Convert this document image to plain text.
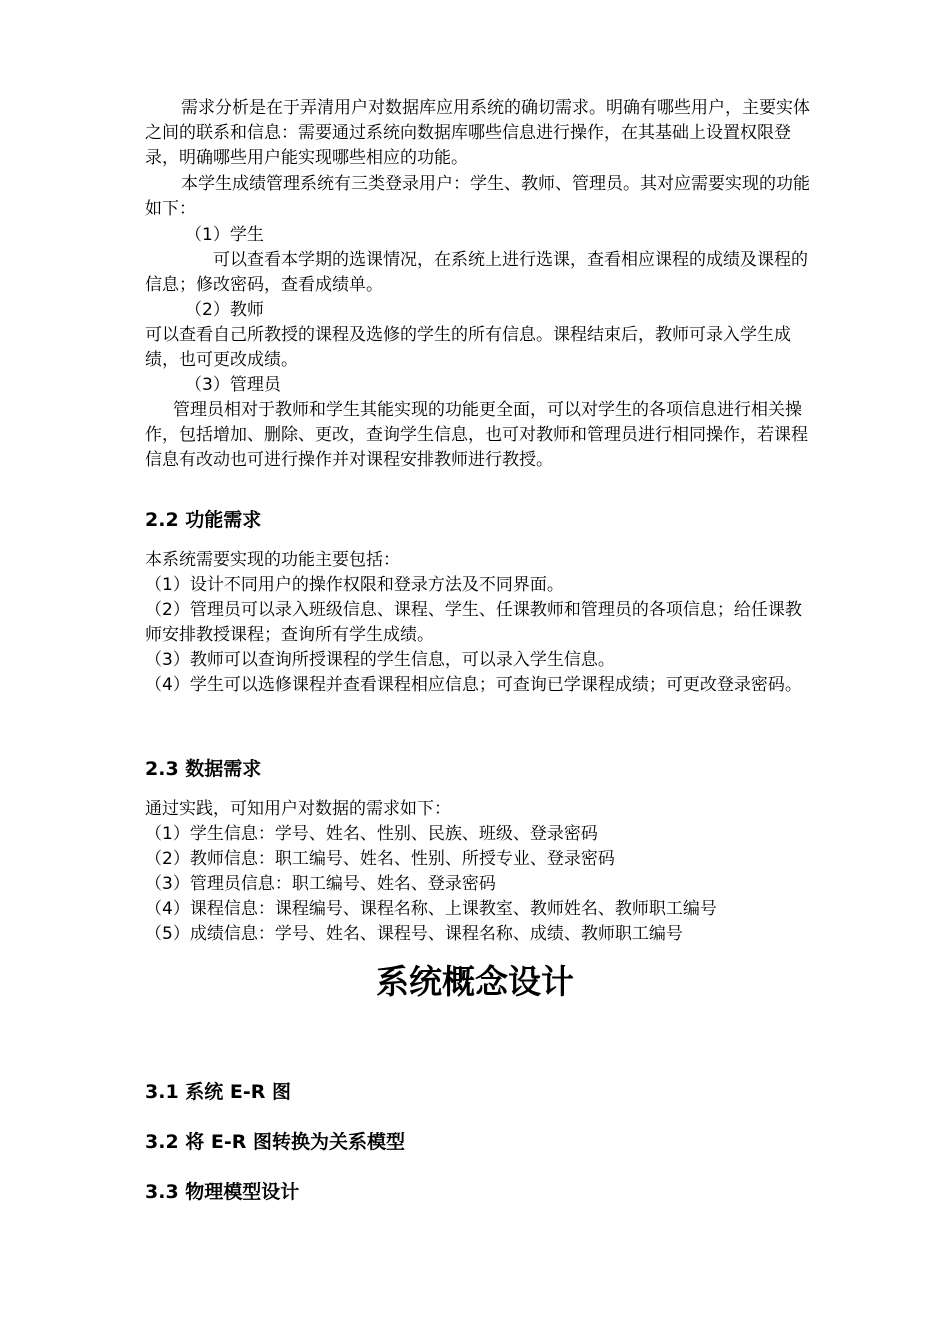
需求分析是在于弄清用户对数据库应用系统的确切需求。明确有哪些用户，主要实体之间的联系和信息：需要通过系统向数据库哪些信息进行操作，在其基础上设置权限登录，明确哪些用户能实现哪些相应的功能。

本学生成绩管理系统有三类登录用户：学生、教师、管理员。其对应需要实现的功能如下：

（1）学生

可以查看本学期的选课情况，在系统上进行选课，查看相应课程的成绩及课程的信息；修改密码，查看成绩单。

（2）教师

可以查看自己所教授的课程及选修的学生的所有信息。课程结束后，教师可录入学生成绩，也可更改成绩。

（3）管理员

管理员相对于教师和学生其能实现的功能更全面，可以对学生的各项信息进行相关操作，包括增加、删除、更改，查询学生信息，也可对教师和管理员进行相同操作，若课程信息有改动也可进行操作并对课程安排教师进行教授。

2.2 功能需求

本系统需要实现的功能主要包括：

（1）设计不同用户的操作权限和登录方法及不同界面。

（2）管理员可以录入班级信息、课程、学生、任课教师和管理员的各项信息；给任课教师安排教授课程；查询所有学生成绩。

（3）教师可以查询所授课程的学生信息，可以录入学生信息。

（4）学生可以选修课程并查看课程相应信息；可查询已学课程成绩；可更改登录密码。

2.3 数据需求

通过实践，可知用户对数据的需求如下：

（1）学生信息：学号、姓名、性别、民族、班级、登录密码

（2）教师信息：职工编号、姓名、性别、所授专业、登录密码

（3）管理员信息：职工编号、姓名、登录密码

（4）课程信息：课程编号、课程名称、上课教室、教师姓名、教师职工编号

（5）成绩信息：学号、姓名、课程号、课程名称、成绩、教师职工编号

系统概念设计

3.1 系统 E-R 图

3.2 将 E-R 图转换为关系模型

3.3 物理模型设计
